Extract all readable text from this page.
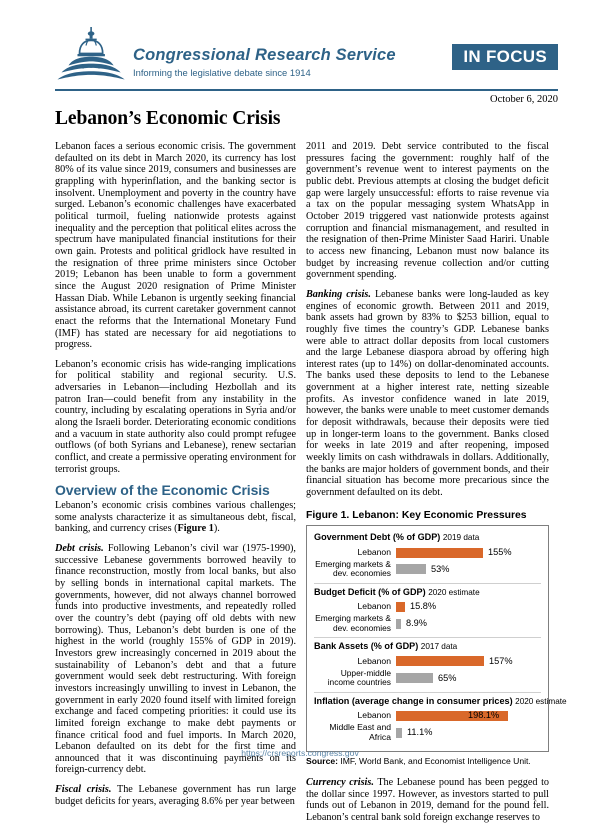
Congressional Research Service
Informing the legislative debate since 1914
IN FOCUS
October 6, 2020
Lebanon’s Economic Crisis

Lebanon faces a serious economic crisis. The government defaulted on its debt in March 2020, its currency has lost 80% of its value since 2019, consumers and businesses are grappling with hyperinflation, and the banking sector is insolvent. Unemployment and poverty in the country have surged. Lebanon’s economic challenges have exacerbated political turmoil, fueling nationwide protests against inequality and the perception that political elites across the spectrum have manipulated financial institutions for their own gain. Protests and political gridlock have resulted in the resignation of three prime ministers since October 2019; Lebanon has been unable to form a government since the August 2020 resignation of Prime Minister Hassan Diab. While Lebanon is urgently seeking financial assistance abroad, its current caretaker government cannot enact the reforms that the International Monetary Fund (IMF) has stated are necessary for aid negotiations to progress.

Lebanon’s economic crisis has wide-ranging implications for political stability and regional security. U.S. adversaries in Lebanon—including Hezbollah and its patron Iran—could benefit from any instability in the country, including by escalating operations in Syria and/or along the Israeli border. Deteriorating economic conditions and a vacuum in state authority also could prompt refugee outflows (of both Syrians and Lebanese), renew sectarian conflict, and create a permissive operating environment for terrorist groups.

Overview of the Economic Crisis

Lebanon’s economic crisis combines various challenges; some analysts characterize it as simultaneous debt, fiscal, banking, and currency crises (Figure 1).

Debt crisis. Following Lebanon’s civil war (1975-1990), successive Lebanese governments borrowed heavily to finance reconstruction, mostly from local banks, but also by selling bonds in international capital markets. The governments, however, did not always channel borrowed funds into productive investments, and repeatedly rolled over the country’s debt (paying off old debts with new borrowing). Thus, Lebanon’s debt burden is one of the highest in the world (roughly 155% of GDP in 2019). Investors grew increasingly concerned in 2019 about the sustainability of Lebanon’s debt and that a future government would seek debt restructuring. With foreign investors increasingly unwilling to invest in Lebanon, the government in early 2020 found itself with limited foreign exchange and faced competing priorities: it could use its limited foreign exchange to make debt payments or finance critical food and fuel imports. In March 2020, Lebanon defaulted on its debt for the first time and announced that it was discontinuing payments on its foreign-currency debt.

Fiscal crisis. The Lebanese government has run large budget deficits for years, averaging 8.6% per year between

2011 and 2019. Debt service contributed to the fiscal pressures facing the government: roughly half of the government’s revenue went to interest payments on the public debt. Previous attempts at closing the budget deficit gap were largely unsuccessful: efforts to raise revenue via a tax on the popular messaging system WhatsApp in October 2019 triggered vast nationwide protests against corruption and financial mismanagement, and resulted in the resignation of then-Prime Minister Saad Hariri. Unable to access new financing, Lebanon must now balance its budget by increasing revenue collection and/or cutting government spending.

Banking crisis. Lebanese banks were long-lauded as key engines of economic growth. Between 2011 and 2019, bank assets had grown by 83% to $253 billion, equal to roughly five times the country’s GDP. Lebanese banks were able to attract dollar deposits from local customers and the large Lebanese diaspora abroad by offering high interest rates (up to 14%) on dollar-denominated accounts. The banks used these deposits to lend to the Lebanese government at a higher interest rate, netting sizeable profits. As investor confidence waned in late 2019, however, the banks were unable to meet customer demands for deposit withdrawals, because their deposits were tied up in longer-term loans to the government. Banks closed for weeks in late 2019 and after reopening, imposed weekly limits on cash withdrawals in dollars. Additionally, the banks are major holders of government bonds, and their financial situation has become more precarious since the government defaulted on its debt.

Figure 1. Lebanon: Key Economic Pressures
Government Debt (% of GDP) 2019 data
Lebanon	155%
Emerging markets & dev. economies	53%
Budget Deficit (% of GDP) 2020 estimate
Lebanon	15.8%
Emerging markets & dev. economies	8.9%
Bank Assets (% of GDP) 2017 data
Lebanon	157%
Upper-middle income countries	65%
Inflation (average change in consumer prices) 2020 estimate
Lebanon	198.1%
Middle East and Africa	11.1%
Source: IMF, World Bank, and Economist Intelligence Unit.

Currency crisis. The Lebanese pound has been pegged to the dollar since 1997. However, as investors started to pull funds out of Lebanon in 2019, demand for the pound fell. Lebanon’s central bank sold foreign exchange reserves to

https://crsreports.congress.gov
